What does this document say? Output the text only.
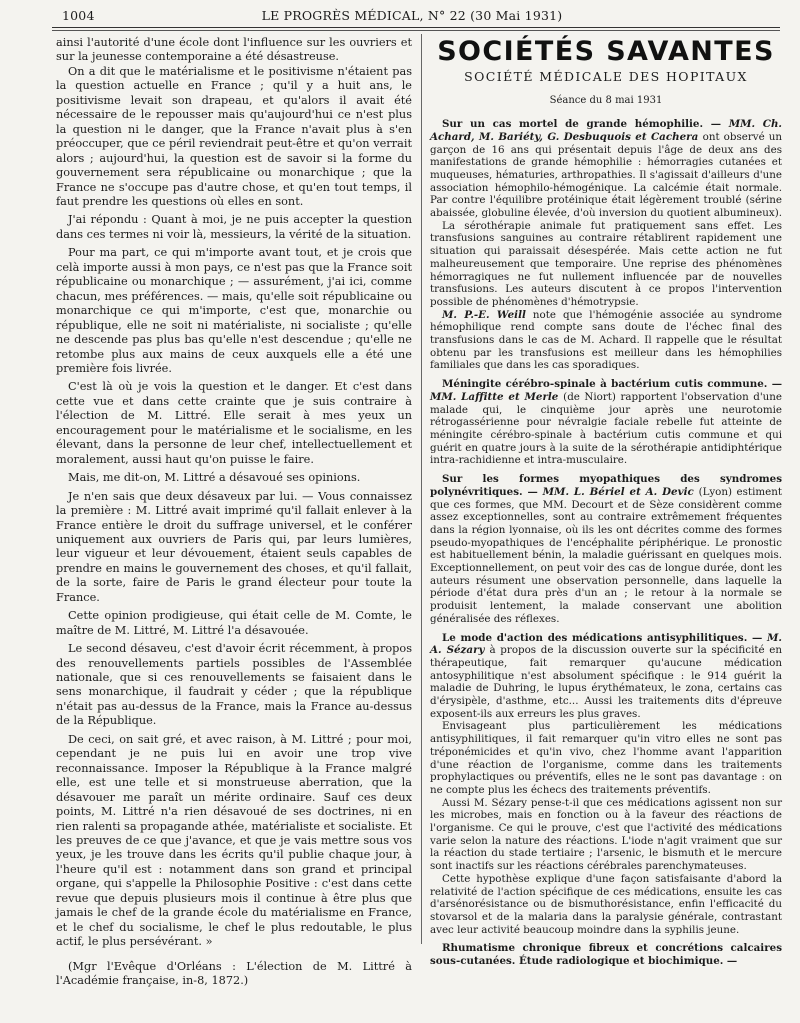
1004	LE PROGRÈS MÉDICAL, N° 22 (30 Mai 1931)

ainsi l'autorité d'une école dont l'influence sur les ouvriers et sur la jeunesse contemporaine a été désastreuse.

On a dit que le matérialisme et le positivisme n'étaient pas la question actuelle en France ; qu'il y a huit ans, le positivisme levait son drapeau, et qu'alors il avait été nécessaire de le repousser mais qu'aujourd'hui ce n'est plus la question ni le danger, que la France n'avait plus à s'en préoccuper, que ce péril reviendrait peut-être et qu'on verrait alors ; aujourd'hui, la question est de savoir si la forme du gouvernement sera républicaine ou monarchique ; que la France ne s'occupe pas d'autre chose, et qu'en tout temps, il faut prendre les questions où elles en sont.

J'ai répondu : Quant à moi, je ne puis accepter la question dans ces termes ni voir là, messieurs, la vérité de la situation.

Pour ma part, ce qui m'importe avant tout, et je crois que celà importe aussi à mon pays, ce n'est pas que la France soit républicaine ou monarchique ; — assurément, j'ai ici, comme chacun, mes préférences. — mais, qu'elle soit républicaine ou monarchique ce qui m'importe, c'est que, monarchie ou république, elle ne soit ni matérialiste, ni socialiste ; qu'elle ne descende pas plus bas qu'elle n'est descendue ; qu'elle ne retombe plus aux mains de ceux auxquels elle a été une première fois livrée.

C'est là où je vois la question et le danger. Et c'est dans cette vue et dans cette crainte que je suis contraire à l'élection de M. Littré. Elle serait à mes yeux un encouragement pour le matérialisme et le socialisme, en les élevant, dans la personne de leur chef, intellectuellement et moralement, aussi haut qu'on puisse le faire.

Mais, me dit-on, M. Littré a désavoué ses opinions.

Je n'en sais que deux désaveux par lui. — Vous connaissez la première : M. Littré avait imprimé qu'il fallait enlever à la France entière le droit du suffrage universel, et le conférer uniquement aux ouvriers de Paris qui, par leurs lumières, leur vigueur et leur dévouement, étaient seuls capables de prendre en mains le gouvernement des choses, et qu'il fallait, de la sorte, faire de Paris le grand électeur pour toute la France.

Cette opinion prodigieuse, qui était celle de M. Comte, le maître de M. Littré, M. Littré l'a désavouée.

Le second désaveu, c'est d'avoir écrit récemment, à propos des renouvellements partiels possibles de l'Assemblée nationale, que si ces renouvellements se faisaient dans le sens monarchique, il faudrait y céder ; que la république n'était pas au-dessus de la France, mais la France au-dessus de la République.

De ceci, on sait gré, et avec raison, à M. Littré ; pour moi, cependant je ne puis lui en avoir une trop vive reconnaissance. Imposer la République à la France malgré elle, est une telle et si monstrueuse aberration, que la désavouer me paraît un mérite ordinaire. Sauf ces deux points, M. Littré n'a rien désavoué de ses doctrines, ni en rien ralenti sa propagande athée, matérialiste et socialiste. Et les preuves de ce que j'avance, et que je vais mettre sous vos yeux, je les trouve dans les écrits qu'il publie chaque jour, à l'heure qu'il est : notamment dans son grand et principal organe, qui s'appelle la Philosophie Positive : c'est dans cette revue que depuis plusieurs mois il continue à être plus que jamais le chef de la grande école du matérialisme en France, et le chef du socialisme, le chef le plus redoutable, le plus actif, le plus persévérant. »

(Mgr l'Evêque d'Orléans : L'élection de M. Littré à l'Académie française, in-8, 1872.)

SOCIÉTÉS SAVANTES
SOCIÉTÉ MÉDICALE DES HOPITAUX
Séance du 8 mai 1931

Sur un cas mortel de grande hémophilie. — MM. Ch. Achard, M. Bariéty, G. Desbuquois et Cachera ont observé un garçon de 16 ans qui présentait depuis l'âge de deux ans des manifestations de grande hémophilie : hémorragies cutanées et muqueuses, hématuries, arthropathies. Il s'agissait d'ailleurs d'une association hémophilo-hémogénique. La calcémie était normale. Par contre l'équilibre protéinique était légèrement troublé (sérine abaissée, globuline élevée, d'où inversion du quotient albumineux).

La sérothérapie animale fut pratiquement sans effet. Les transfusions sanguines au contraire rétablirent rapidement une situation qui paraissait désespérée. Mais cette action ne fut malheureusement que temporaire. Une reprise des phénomènes hémorragiques ne fut nullement influencée par de nouvelles transfusions. Les auteurs discutent à ce propos l'intervention possible de phénomènes d'hémotrypsie.

M. P.-E. Weill note que l'hémogénie associée au syndrome hémophilique rend compte sans doute de l'échec final des transfusions dans le cas de M. Achard. Il rappelle que le résultat obtenu par les transfusions est meilleur dans les hémophilies familiales que dans les cas sporadiques.

Méningite cérébro-spinale à bactérium cutis commune. — MM. Laffitte et Merle (de Niort) rapportent l'observation d'une malade qui, le cinquième jour après une neurotomie rétrogassérienne pour névralgie faciale rebelle fut atteinte de méningite cérébro-spinale à bactérium cutis commune et qui guérit en quatre jours à la suite de la sérothérapie antidiphtérique intra-rachidienne et intra-musculaire.

Sur les formes myopathiques des syndromes polynévritiques. — MM. L. Bériel et A. Devic (Lyon) estiment que ces formes, que MM. Decourt et de Sèze considèrent comme assez exceptionnelles, sont au contraire extrêmement fréquentes dans la région lyonnaise, où ils les ont décrites comme des formes pseudo-myopathiques de l'encéphalite périphérique. Le pronostic est habituellement bénin, la maladie guérissant en quelques mois. Exceptionnellement, on peut voir des cas de longue durée, dont les auteurs résument une observation personnelle, dans laquelle la période d'état dura près d'un an ; le retour à la normale se produisit lentement, la malade conservant une abolition généralisée des réflexes.

Le mode d'action des médications antisyphilitiques. — M. A. Sézary à propos de la discussion ouverte sur la spécificité en thérapeutique, fait remarquer qu'aucune médication antosyphilitique n'est absolument spécifique : le 914 guérit la maladie de Duhring, le lupus érythémateux, le zona, certains cas d'érysipèle, d'asthme, etc... Aussi les traitements dits d'épreuve exposent-ils aux erreurs les plus graves.

Envisageant plus particulièrement les médications antisyphilitiques, il fait remarquer qu'in vitro elles ne sont pas tréponémicides et qu'in vivo, chez l'homme avant l'apparition d'une réaction de l'organisme, comme dans les traitements prophylactiques ou préventifs, elles ne le sont pas davantage : on ne compte plus les échecs des traitements préventifs.

Aussi M. Sézary pense-t-il que ces médications agissent non sur les microbes, mais en fonction ou à la faveur des réactions de l'organisme. Ce qui le prouve, c'est que l'activité des médications varie selon la nature des réactions. L'iode n'agit vraiment que sur la réaction du stade tertiaire ; l'arsenic, le bismuth et le mercure sont inactifs sur les réactions cérébrales parenchymateuses.

Cette hypothèse explique d'une façon satisfaisante d'abord la relativité de l'action spécifique de ces médications, ensuite les cas d'arsénorésistance ou de bismuthorésistance, enfin l'efficacité du stovarsol et de la malaria dans la paralysie générale, contrastant avec leur activité beaucoup moindre dans la syphilis jeune.

Rhumatisme chronique fibreux et concrétions calcaires sous-cutanées. Étude radiologique et biochimique. —
